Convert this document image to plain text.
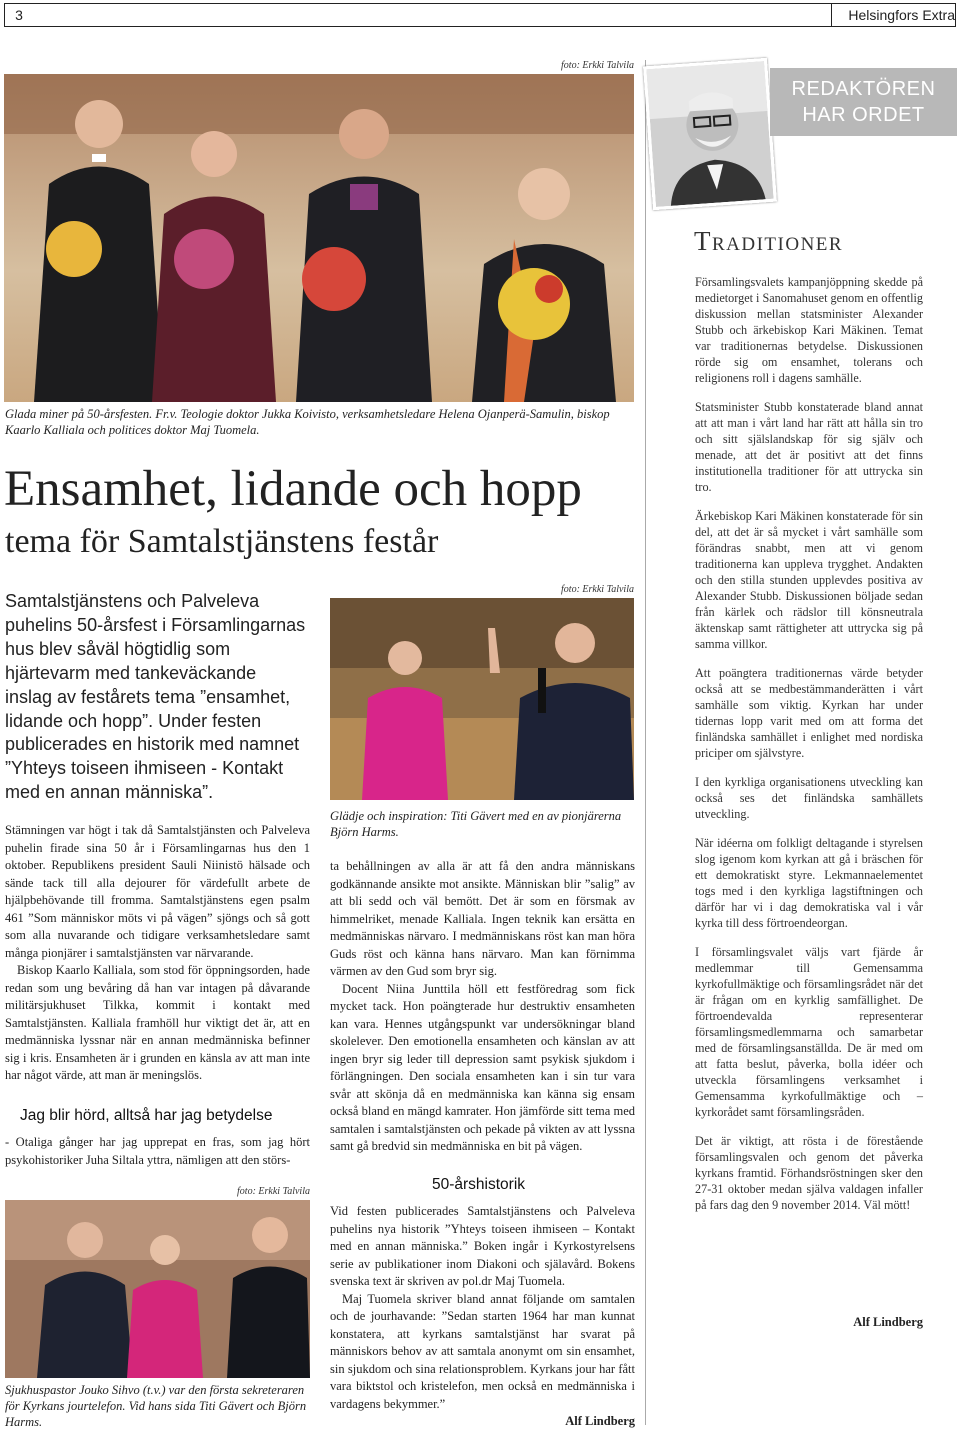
3	Helsingfors Extra
foto: Erkki Talvila
Glada miner på 50-årsfesten. Fr.v. Teologie doktor Jukka Koivisto, verksamhetsledare Helena Ojanperä-Samulin, biskop Kaarlo Kalliala och politices doktor Maj Tuomela.
Ensamhet, lidande och hopp
tema för Samtalstjänstens festår
Samtalstjänstens och Palveleva puhelins 50-årsfest i Församlingarnas hus blev såväl högtidlig som hjärtevarm med tankeväckande inslag av festårets tema ”ensamhet, lidande och hopp”. Under festen publicerades en historik med namnet ”Yhteys toiseen ihmiseen - Kontakt med en annan människa”.

Stämningen var högt i tak då Samtalstjänsten och Palveleva puhelin firade sina 50 år i Församlingarnas hus den 1 oktober. Republikens president Sauli Niinistö hälsade och sände tack till alla dejourer för värdefullt arbete de hjälpbehövande till fromma. Samtalstjänstens egen psalm 461 ”Som människor möts vi på vägen” sjöngs och så gott som alla nuvarande och tidigare verksamhetsledare samt många pionjärer i samtalstjänsten var närvarande.

Biskop Kaarlo Kalliala, som stod för öppningsorden, hade redan som ung bevåring då han var intagen på dåvarande militärsjukhuset Tilkka, kommit i kontakt med Samtalstjänsten. Kalliala framhöll hur viktigt det är, att en medmänniska lyssnar när en annan medmänniska befinner sig i kris. Ensamheten är i grunden en känsla av att man inte har något värde, att man är meningslös.

Jag blir hörd, alltså har jag betydelse
- Otaliga gånger har jag upprepat en fras, som jag hört psykohistoriker Juha Siltala yttra, nämligen att den störs-
foto: Erkki Talvila
Sjukhuspastor Jouko Sihvo (t.v.) var den första sekreteraren för Kyrkans jourtelefon. Vid hans sida Titi Gävert och Björn Harms.
foto: Erkki Talvila
Glädje och inspiration: Titi Gävert med en av pionjärerna Björn Harms.

ta behållningen av alla är att få den andra människans godkännande ansikte mot ansikte. Människan blir ”salig” av att bli sedd och väl bemött. Det är som en försmak av himmelriket, menade Kalliala. Ingen teknik kan ersätta en medmänniskas närvaro. I medmänniskans röst kan man höra Guds röst och känna hans närvaro. Man kan förnimma värmen av den Gud som bryr sig.

Docent Niina Junttila höll ett festföredrag som fick mycket tack. Hon poängterade hur destruktiv ensamheten kan vara. Hennes utgångspunkt var undersökningar bland skolelever. Den emotionella ensamheten och känslan av att ingen bryr sig leder till depression samt psykisk sjukdom i förlängningen. Den sociala ensamheten kan i sin tur vara svår att skönja då en medmänniska kan känna sig ensam också bland en mängd kamrater. Hon jämförde sitt tema med samtalen i samtalstjänsten och pekade på vikten av att lyssna samt gå bredvid sin medmänniska en bit på vägen.

50-årshistorik

Vid festen publicerades Samtalstjänstens och Palveleva puhelins nya historik ”Yhteys toiseen ihmiseen – Kontakt med en annan människa.” Boken ingår i Kyrkostyrelsens serie av publikationer inom Diakoni och själavård. Bokens svenska text är skriven av pol.dr Maj Tuomela.

Maj Tuomela skriver bland annat följande om samtalen och de jourhavande: ”Sedan starten 1964 har man kunnat konstatera, att kyrkans samtalstjänst har svarat på människors behov av att samtala anonymt om sin ensamhet, sin sjukdom och sina relationsproblem. Kyrkans jour har fått vara biktstol och kristelefon, men också en medmänniska i vardagens bekymmer.”

Alf Lindberg
REDAKTÖREN
HAR ORDET
Traditioner

Församlingsvalets kampanjöppning skedde på medietorget i Sanomahuset genom en offentlig diskussion mellan statsminister Alexander Stubb och ärkebiskop Kari Mäkinen. Temat var traditionernas betydelse. Diskussionen rörde sig om ensamhet, tolerans och religionens roll i dagens samhälle.

Statsminister Stubb konstaterade bland annat att att man i vårt land har rätt att hålla sin tro och sitt själslandskap för sig själv och menade, att det är positivt att det finns institutionella traditioner för att uttrycka sin tro.

Ärkebiskop Kari Mäkinen konstaterade för sin del, att det är så mycket i vårt samhälle som förändras snabbt, men att vi genom traditionerna kan uppleva trygghet. Andakten och den stilla stunden upplevdes positiva av Alexander Stubb. Diskussionen böljade sedan från kärlek och rädslor till könsneutrala äktenskap samt rättigheter att uttrycka sig på samma villkor.

Att poängtera traditionernas värde betyder också att se medbestämmanderätten i vårt samhälle som viktig. Kyrkan har under tidernas lopp varit med om att forma det finländska samhället i enlighet med nordiska priciper om självstyre.

I den kyrkliga organisationens utveckling kan också ses det finländska samhällets utveckling.

När idéerna om folkligt deltagande i styrelsen slog igenom kom kyrkan att gå i bräschen för ett demokratiskt styre. Lekmannaelementet togs med i den kyrkliga lagstiftningen och därför har vi i dag demokratiska val i vår kyrka till dess förtroendeorgan.

I församlingsvalet väljs vart fjärde år medlemmar till Gemensamma kyrkofullmäktige och församlingsrådet när det är frågan om en kyrklig samfällighet. De förtroendevalda representerar församlingsmedlemmarna och samarbetar med de församlingsanställda. De är med om att fatta beslut, påverka, bolla idéer och utveckla församlingens verksamhet i Gemensamma kyrkofullmäktige och –kyrkorådet samt församlingsråden.

Det är viktigt, att rösta i de förestående församlingsvalen och genom det påverka kyrkans framtid. Förhandsröstningen sker den 27-31 oktober medan själva valdagen infaller på fars dag den 9 november 2014. Väl mött!

Alf Lindberg
